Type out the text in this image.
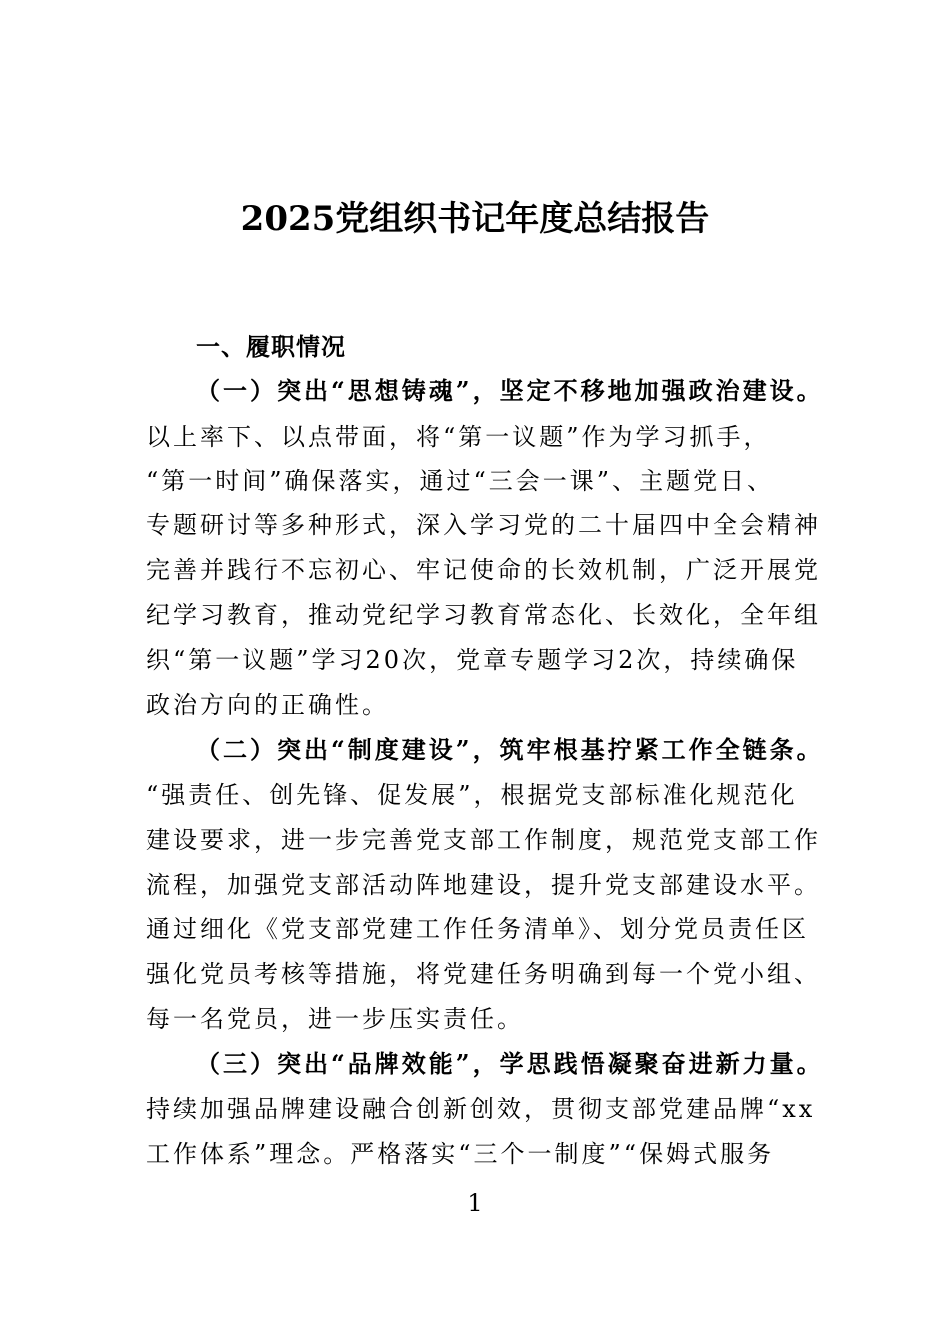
2025党组织书记年度总结报告
一、履职情况
（一）突出“思想铸魂”，坚定不移地加强政治建设。
以上率下、以点带面，将“第一议题”作为学习抓手，
“第一时间”确保落实，通过“三会一课”、主题党日、
专题研讨等多种形式，深入学习党的二十届四中全会精神
完善并践行不忘初心、牢记使命的长效机制，广泛开展党
纪学习教育，推动党纪学习教育常态化、长效化，全年组
织“第一议题”学习20次，党章专题学习2次，持续确保
政治方向的正确性。
（二）突出“制度建设”，筑牢根基拧紧工作全链条。
“强责任、创先锋、促发展”，根据党支部标准化规范化
建设要求，进一步完善党支部工作制度，规范党支部工作
流程，加强党支部活动阵地建设，提升党支部建设水平。
通过细化《党支部党建工作任务清单》、划分党员责任区
强化党员考核等措施，将党建任务明确到每一个党小组、
每一名党员，进一步压实责任。
（三）突出“品牌效能”，学思践悟凝聚奋进新力量。
持续加强品牌建设融合创新创效，贯彻支部党建品牌“xx
工作体系”理念。严格落实“三个一制度”“保姆式服务
1
